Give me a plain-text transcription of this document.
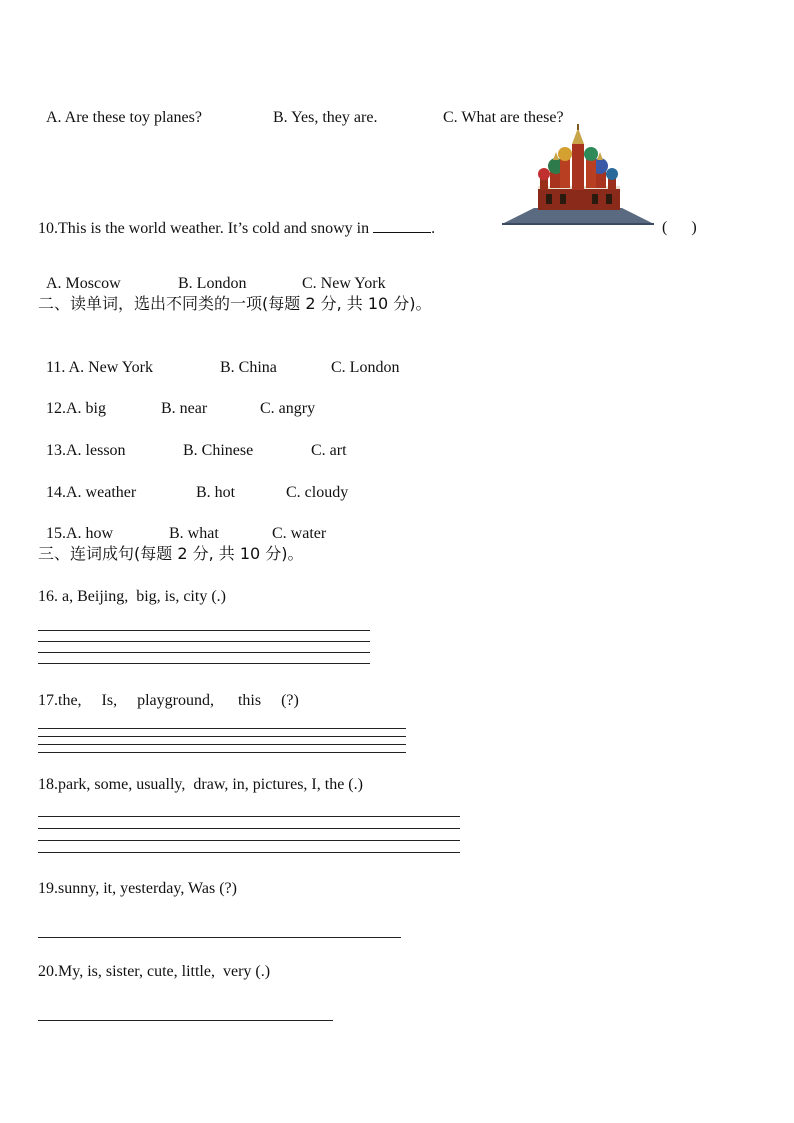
A. Are these toy planes?	B. Yes, they are.	C. What are these?

10.This is the world weather. It’s cold and snowy in	.	(      )

A. Moscow	B. London	C. New York

二、读单词，选出不同类的一项(每题 2 分, 共 10 分)。

11. A. New York	B. China	C. London

12.A. big	B. near	C. angry

13.A. lesson	B. Chinese	C. art

14.A. weather	B. hot	C. cloudy

15.A. how	B. what	C. water

三、连词成句(每题 2 分, 共 10 分)。
16. a, Beijing,  big, is, city (.)
17.the,     Is,     playground,      this     (?)
18.park, some, usually,  draw, in, pictures, I, the (.)
19.sunny, it, yesterday, Was (?)
20.My, is, sister, cute, little,  very (.)
